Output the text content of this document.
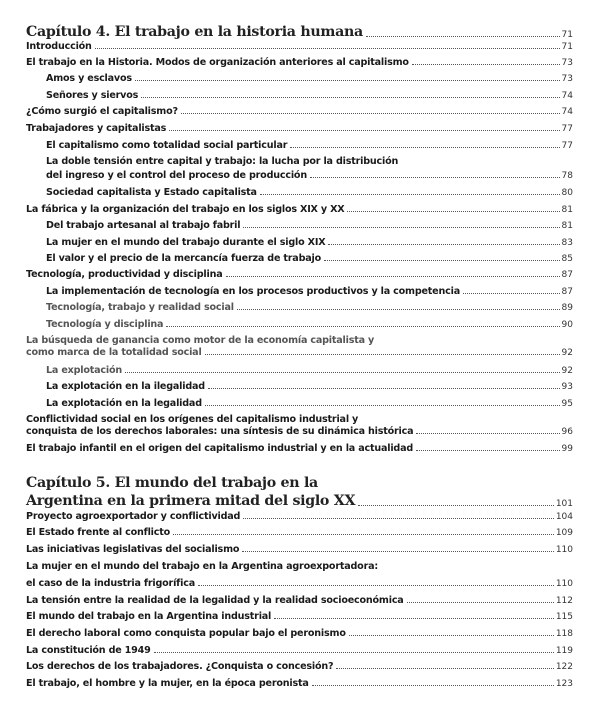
Capítulo 4. El trabajo en la historia humana	71
Introducción	71
El trabajo en la Historia. Modos de organización anteriores al capitalismo	73
Amos y esclavos	73
Señores y siervos	74
¿Cómo surgió el capitalismo?	74
Trabajadores y capitalistas	77
El capitalismo como totalidad social particular	77
La doble tensión entre capital y trabajo: la lucha por la distribución
del ingreso y el control del proceso de producción	78
Sociedad capitalista y Estado capitalista	80
La fábrica y la organización del trabajo en los siglos XIX y XX	81
Del trabajo artesanal al trabajo fabril	81
La mujer en el mundo del trabajo durante el siglo XIX	83
El valor y el precio de la mercancía fuerza de trabajo	85
Tecnología, productividad y disciplina	87
La implementación de tecnología en los procesos productivos y la competencia	87
Tecnología, trabajo y realidad social	89
Tecnología y disciplina	90
La búsqueda de ganancia como motor de la economía capitalista y
como marca de la totalidad social	92
La explotación	92
La explotación en la ilegalidad	93
La explotación en la legalidad	95
Conflictividad social en los orígenes del capitalismo industrial y
conquista de los derechos laborales: una síntesis de su dinámica histórica	96
El trabajo infantil en el origen del capitalismo industrial y en la actualidad	99
Capítulo 5. El mundo del trabajo en la
Argentina en la primera mitad del siglo XX	101
Proyecto agroexportador y conflictividad	104
El Estado frente al conflicto	109
Las iniciativas legislativas del socialismo	110
La mujer en el mundo del trabajo en la Argentina agroexportadora:
el caso de la industria frigorífica	110
La tensión entre la realidad de la legalidad y la realidad socioeconómica	112
El mundo del trabajo en la Argentina industrial	115
El derecho laboral como conquista popular bajo el peronismo	118
La constitución de 1949	119
Los derechos de los trabajadores. ¿Conquista o concesión?	122
El trabajo, el hombre y la mujer, en la época peronista	123
